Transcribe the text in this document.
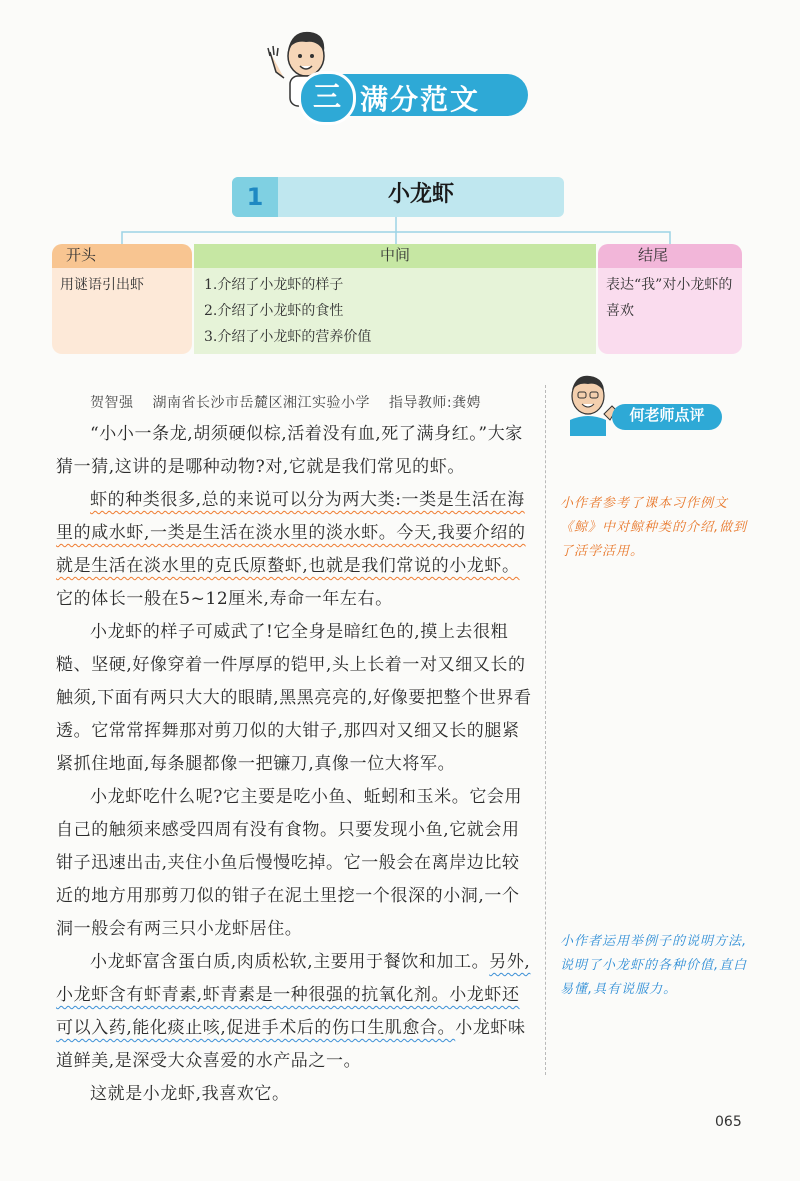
三 满分范文
1	小龙虾
开头
用谜语引出虾
中间
1.介绍了小龙虾的样子
2.介绍了小龙虾的食性
3.介绍了小龙虾的营养价值
结尾
表达“我”对小龙虾的喜欢
贺智强 湖南省长沙市岳麓区湘江实验小学 指导教师:龚娉

“小小一条龙,胡须硬似棕,活着没有血,死了满身红。”大家猜一猜,这讲的是哪种动物?对,它就是我们常见的虾。

虾的种类很多,总的来说可以分为两大类:一类是生活在海里的咸水虾,一类是生活在淡水里的淡水虾。今天,我要介绍的就是生活在淡水里的克氏原螯虾,也就是我们常说的小龙虾。它的体长一般在5~12厘米,寿命一年左右。

小龙虾的样子可威武了!它全身是暗红色的,摸上去很粗糙、坚硬,好像穿着一件厚厚的铠甲,头上长着一对又细又长的触须,下面有两只大大的眼睛,黑黑亮亮的,好像要把整个世界看透。它常常挥舞那对剪刀似的大钳子,那四对又细又长的腿紧紧抓住地面,每条腿都像一把镰刀,真像一位大将军。

小龙虾吃什么呢?它主要是吃小鱼、蚯蚓和玉米。它会用自己的触须来感受四周有没有食物。只要发现小鱼,它就会用钳子迅速出击,夹住小鱼后慢慢吃掉。它一般会在离岸边比较近的地方用那剪刀似的钳子在泥土里挖一个很深的小洞,一个洞一般会有两三只小龙虾居住。

小龙虾富含蛋白质,肉质松软,主要用于餐饮和加工。另外,小龙虾含有虾青素,虾青素是一种很强的抗氧化剂。小龙虾还可以入药,能化痰止咳,促进手术后的伤口生肌愈合。小龙虾味道鲜美,是深受大众喜爱的水产品之一。

这就是小龙虾,我喜欢它。

何老师点评
小作者参考了课本习作例文《鲸》中对鲸种类的介绍,做到了活学活用。
小作者运用举例子的说明方法,说明了小龙虾的各种价值,直白易懂,具有说服力。
065
